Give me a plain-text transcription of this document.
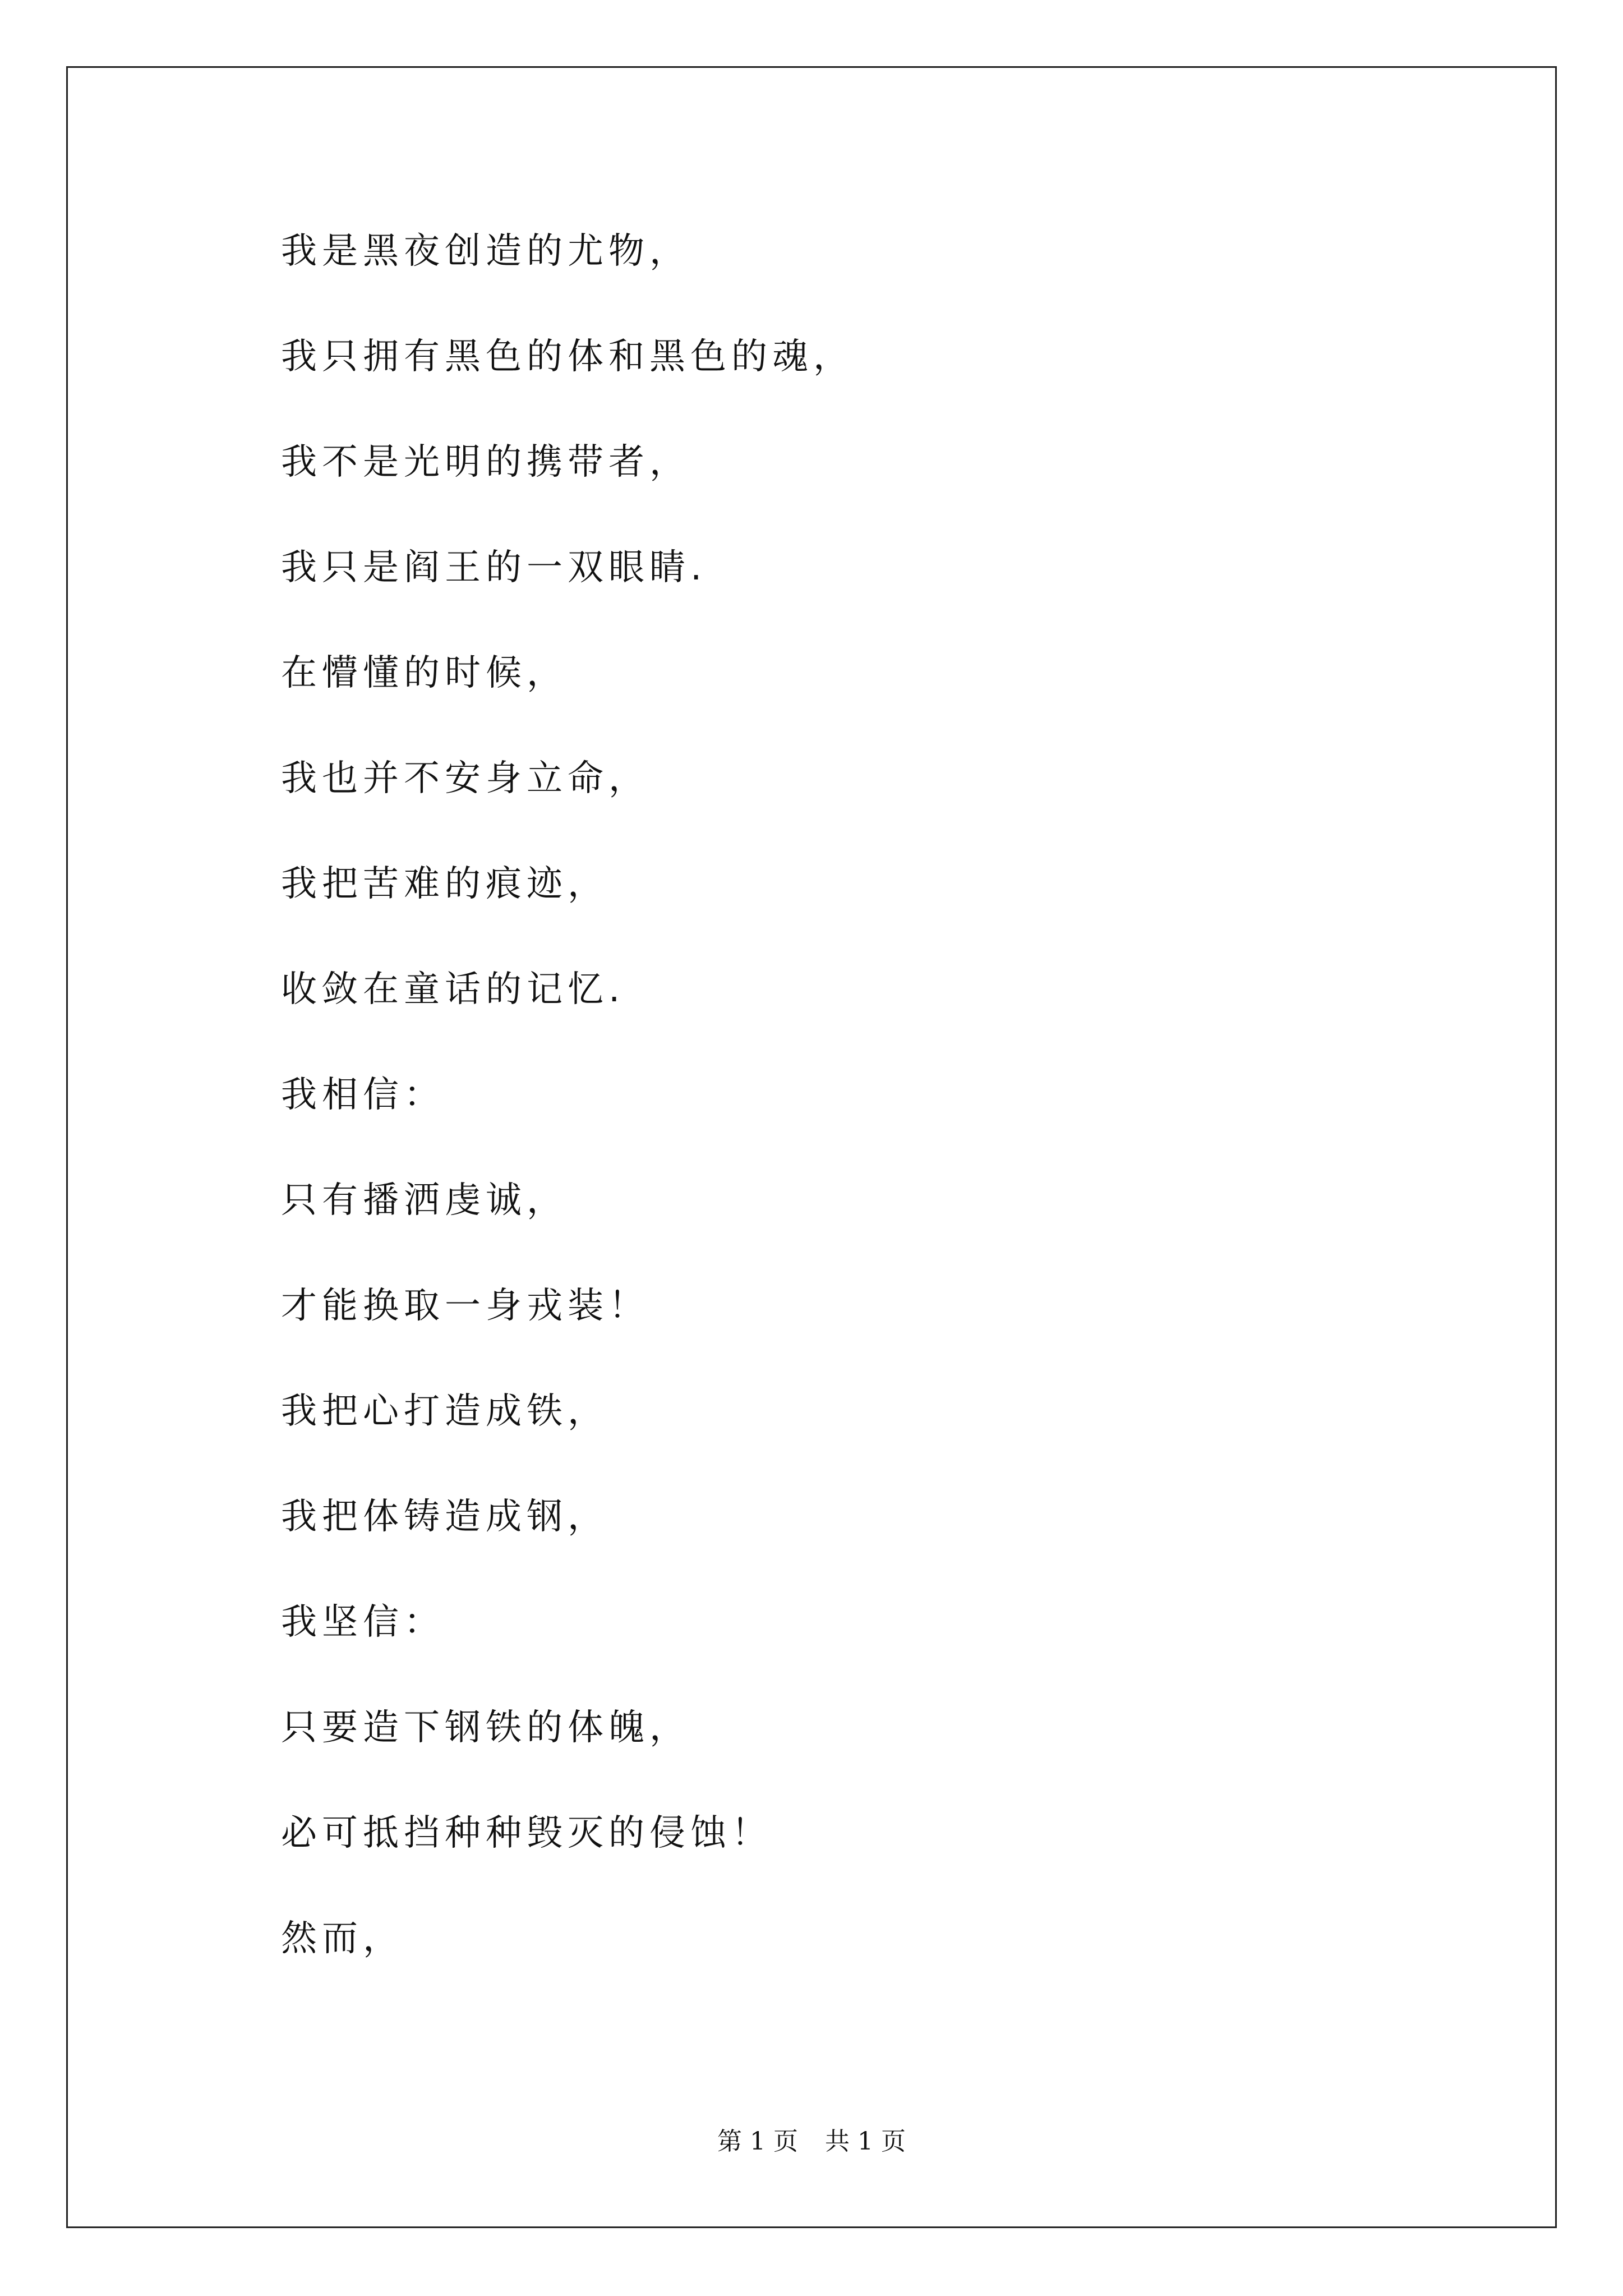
我是黑夜创造的尤物，
我只拥有黑色的体和黑色的魂，
我不是光明的携带者，
我只是阎王的一双眼睛.
在懵懂的时候，
我也并不安身立命，
我把苦难的痕迹，
收敛在童话的记忆.
我相信：
只有播洒虔诚，
才能换取一身戎装！
我把心打造成铁，
我把体铸造成钢，
我坚信：
只要造下钢铁的体魄，
必可抵挡种种毁灭的侵蚀！
然而，
第 1 页 共 1 页
